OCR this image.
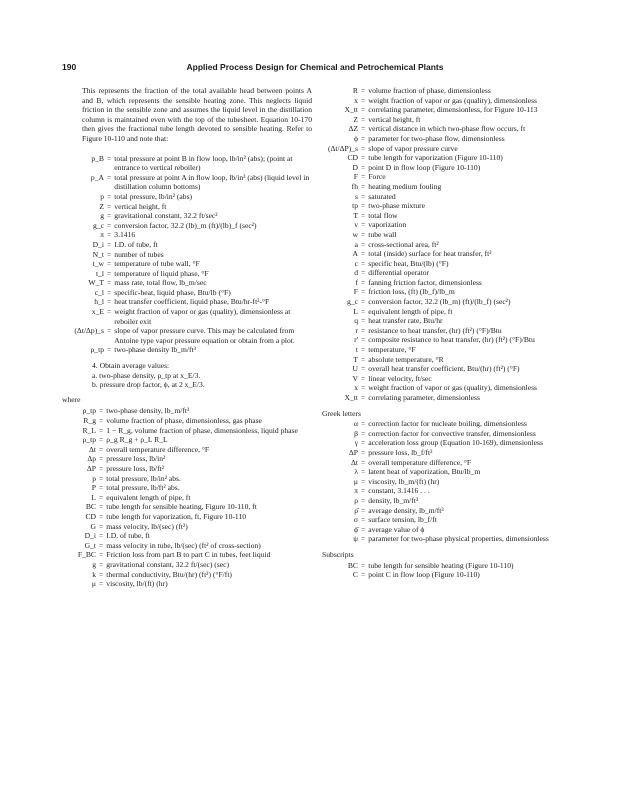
190	Applied Process Design for Chemical and Petrochemical Plants

This represents the fraction of the total available head between points A and B, which represents the sensible heating zone. This neglects liquid friction in the sensible zone and assumes the liquid level in the distillation column is maintained even with the top of the tubesheet. Equation 10-170 then gives the fractional tube length devoted to sensible heating. Refer to Figure 10-110 and note that:

p_B = total pressure at point B in flow loop, lb/in² (abs); (point at entrance to vertical reboiler)
p_A = total pressure at point A in flow loop, lb/in³ (abs) (liquid level in distillation column bottoms)
p = total pressure, lb/in² (abs)
Z = vertical height, ft
g = gravitational constant, 32.2 ft/sec²
g_c = conversion factor, 32.2 (lb)_m (ft)/(lb)_f (sec²)
π = 3.1416
D_i = I.D. of tube, ft
N_t = number of tubes
t_w = temperature of tube wall, °F
t_l = temperature of liquid phase, °F
W_T = mass rate, total flow, lb_m/sec
c_l = specific-heat, liquid phase, Btu/lb (°F)
h_l = heat transfer coefficient, liquid phase, Btu/hr-ft²-°F
x_E = weight fraction of vapor or gas (quality), dimensionless at reboiler exit
(Δt/Δp)_s = slope of vapor pressure curve. This may be calculated from Antoine type vapor pressure equation or obtain from a plot.
ρ_tp = two-phase density lb_m/ft³
4. Obtain average values:
a. two-phase density, ρ_tp at x_E/3.
b. pressure drop factor, ϕ, at 2 x_E/3.
where
ρ_tp = two-phase density, lb_m/ft³
R_g = volume fraction of phase, dimensionless, gas phase
R_L = 1 − R_g, volume fraction of phase, dimensionless, liquid phase
ρ_tp = ρ_g R_g + ρ_L R_L
Δt = overall temperature difference, °F
Δp = pressure loss, lb/in²
ΔP = pressure loss, lb/ft²
p = total pressure, lb/in² abs.
P = total pressure, lb/ft² abs.
L = equivalent length of pipe, ft
BC = tube length for sensible heating, Figure 10-110, ft
CD = tube length for vaporization, ft, Figure 10-110
G = mass velocity, lb/(sec) (ft²)
D_i = I.D. of tube, ft
G_t = mass velocity in tube, lb/(sec) (ft² of cross-section)
F_BC = Friction loss from part B to part C in tubes, feet liquid
g = gravitational constant, 32.2 ft/(sec) (sec)
k = thermal conductivity, Btu/(hr) (ft²) (°F/ft)
μ = viscosity, lb/(ft) (hr)
R = volume fraction of phase, dimensionless
x = weight fraction of vapor or gas (quality), dimensionless
X_tt = correlating parameter, dimensionless, for Figure 10-113
Z = vertical height, ft
ΔZ = vertical distance in which two-phase flow occurs, ft
ϕ = parameter for two-phase flow, dimensionless
(Δt/ΔP)_s = slope of vapor pressure curve
CD = tube length for vaporization (Figure 10-110)
D = point D in flow loop (Figure 10-110)
F = Force
fh = heating medium fouling
s = saturated
tp = two-phase mixture
T = total flow
v = vaporization
w = tube wall
a = cross-sectional area, ft²
A = total (inside) surface for heat transfer, ft²
c = specific heat, Btu/(lb) (°F)
d = differential operator
f = fanning friction factor, dimensionless
F = friction loss, (ft) (lb_f)/lb_m
g_c = conversion factor, 32.2 (lb_m) (ft)/(lb_f) (sec²)
L = equivalent length of pipe, ft
q = heat transfer rate, Btu/hr
r = resistance to heat transfer, (hr) (ft²) (°F)/Btu
r' = composite resistance to heat transfer, (hr) (ft²) (°F)/Btu
t = temperature, °F
T = absolute temperature, °R
U = overall heat transfer coefficient, Btu/(hr) (ft²) (°F)
V = linear velocity, ft/sec
x = weight fraction of vapor or gas (quality), dimensionless
X_tt = correlating parameter, dimensionless
Greek letters
α = correction factor for nucleate boiling, dimensionless
β = correction factor for convective transfer, dimensionless
γ = acceleration loss group (Equation 10-169), dimensionless
ΔP = pressure loss, lb_f/ft²
Δt = overall temperature difference, °F
λ = latent heat of vaporization, Btu/lb_m
μ = viscosity, lb_m/(ft) (hr)
π = constant, 3.1416 . . .
ρ = density, lb_m/ft³
ρ̄ = average density, lb_m/ft³
σ = surface tension, lb_f/ft
ϕ̄ = average value of ϕ
ψ = parameter for two-phase physical properties, dimensionless
Subscripts
BC = tube length for sensible heating (Figure 10-110)
C = point C in flow loop (Figure 10-110)
